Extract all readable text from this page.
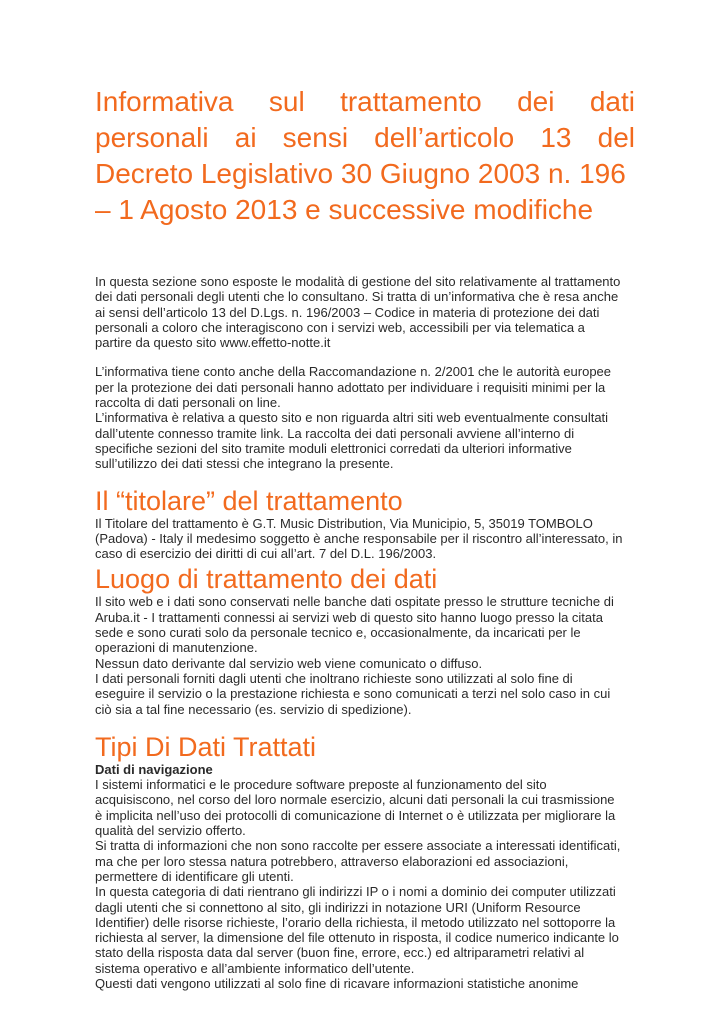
Informativa sul trattamento dei dati
personali ai sensi dell’articolo 13 del
Decreto Legislativo 30 Giugno 2003 n. 196
– 1 Agosto 2013 e successive modifiche

In questa sezione sono esposte le modalità di gestione del sito relativamente al trattamento
dei dati personali degli utenti che lo consultano. Si tratta di un’informativa che è resa anche
ai sensi dell’articolo 13 del D.Lgs. n. 196/2003 – Codice in materia di protezione dei dati
personali a coloro che interagiscono con i servizi web, accessibili per via telematica a
partire da questo sito www.effetto-notte.it

L’informativa tiene conto anche della Raccomandazione n. 2/2001 che le autorità europee
per la protezione dei dati personali hanno adottato per individuare i requisiti minimi per la
raccolta di dati personali on line.
L’informativa è relativa a questo sito e non riguarda altri siti web eventualmente consultati
dall’utente connesso tramite link. La raccolta dei dati personali avviene all’interno di
specifiche sezioni del sito tramite moduli elettronici corredati da ulteriori informative
sull’utilizzo dei dati stessi che integrano la presente.

Il “titolare” del trattamento

Il Titolare del trattamento è G.T. Music Distribution, Via Municipio, 5, 35019 TOMBOLO
(Padova) - Italy il medesimo soggetto è anche responsabile per il riscontro all’interessato, in
caso di esercizio dei diritti di cui all’art. 7 del D.L. 196/2003.

Luogo di trattamento dei dati

Il sito web e i dati sono conservati nelle banche dati ospitate presso le strutture tecniche di
Aruba.it - I trattamenti connessi ai servizi web di questo sito hanno luogo presso la citata
sede e sono curati solo da personale tecnico e, occasionalmente, da incaricati per le
operazioni di manutenzione.
Nessun dato derivante dal servizio web viene comunicato o diffuso.
I dati personali forniti dagli utenti che inoltrano richieste sono utilizzati al solo fine di
eseguire il servizio o la prestazione richiesta e sono comunicati a terzi nel solo caso in cui
ciò sia a tal fine necessario (es. servizio di spedizione).

Tipi Di Dati Trattati

Dati di navigazione
I sistemi informatici e le procedure software preposte al funzionamento del sito
acquisiscono, nel corso del loro normale esercizio, alcuni dati personali la cui trasmissione
è implicita nell’uso dei protocolli di comunicazione di Internet o è utilizzata per migliorare la
qualità del servizio offerto.
Si tratta di informazioni che non sono raccolte per essere associate a interessati identificati,
ma che per loro stessa natura potrebbero, attraverso elaborazioni ed associazioni,
permettere di identificare gli utenti.
In questa categoria di dati rientrano gli indirizzi IP o i nomi a dominio dei computer utilizzati
dagli utenti che si connettono al sito, gli indirizzi in notazione URI (Uniform Resource
Identifier) delle risorse richieste, l’orario della richiesta, il metodo utilizzato nel sottoporre la
richiesta al server, la dimensione del file ottenuto in risposta, il codice numerico indicante lo
stato della risposta data dal server (buon fine, errore, ecc.) ed altriparametri relativi al
sistema operativo e all’ambiente informatico dell’utente.
Questi dati vengono utilizzati al solo fine di ricavare informazioni statistiche anonime
